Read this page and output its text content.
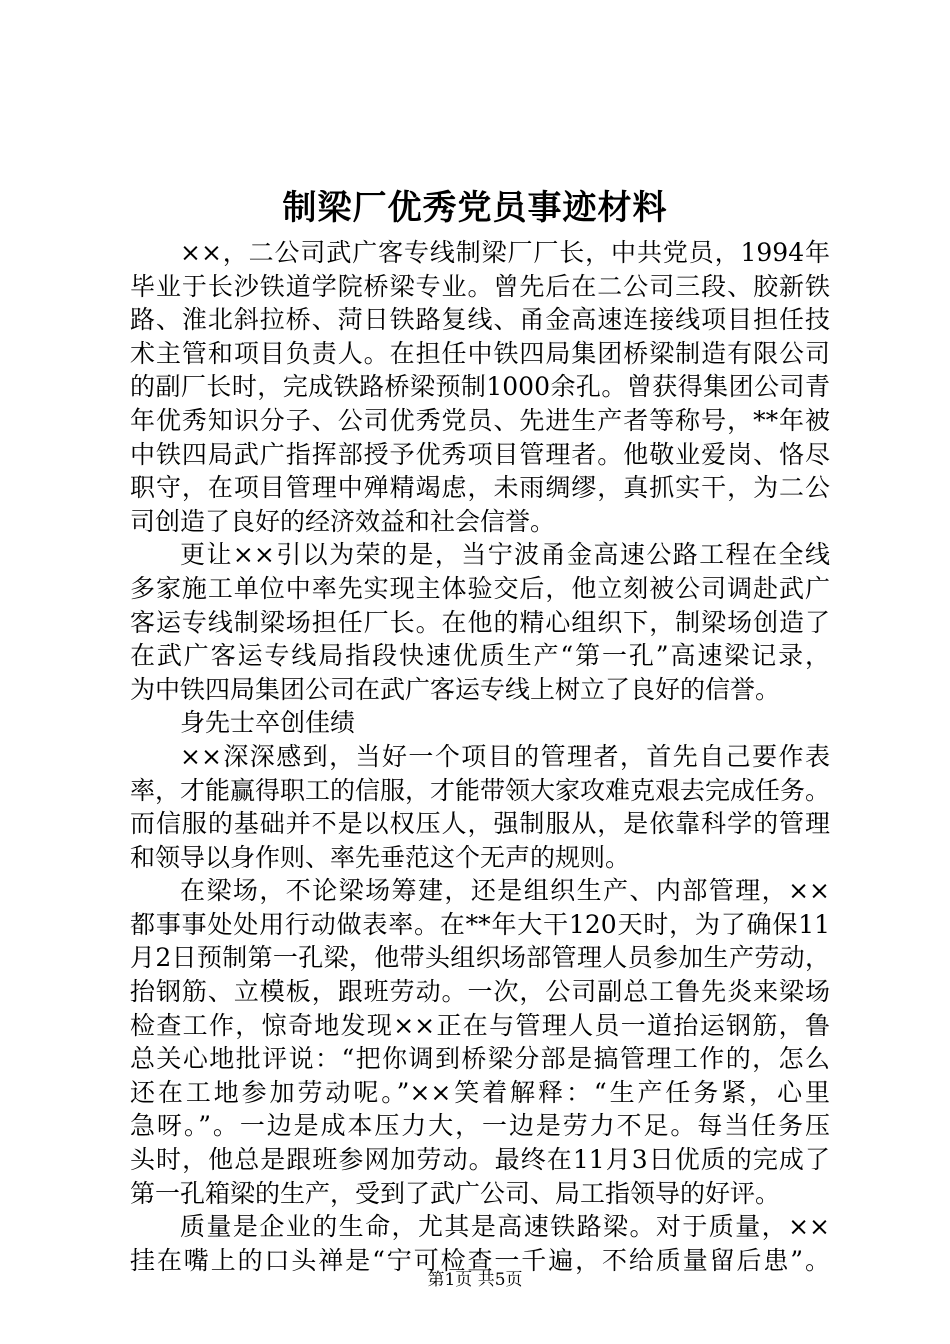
制梁厂优秀党员事迹材料
××，二公司武广客专线制梁厂厂长，中共党员，1994年
毕业于长沙铁道学院桥梁专业。曾先后在二公司三段、胶新铁
路、淮北斜拉桥、菏日铁路复线、甬金高速连接线项目担任技
术主管和项目负责人。在担任中铁四局集团桥梁制造有限公司
的副厂长时，完成铁路桥梁预制1000余孔。曾获得集团公司青
年优秀知识分子、公司优秀党员、先进生产者等称号，**年被
中铁四局武广指挥部授予优秀项目管理者。他敬业爱岗、恪尽
职守，在项目管理中殚精竭虑，未雨绸缪，真抓实干，为二公
司创造了良好的经济效益和社会信誉。
更让××引以为荣的是，当宁波甬金高速公路工程在全线
多家施工单位中率先实现主体验交后，他立刻被公司调赴武广
客运专线制梁场担任厂长。在他的精心组织下，制梁场创造了
在武广客运专线局指段快速优质生产“第一孔”高速梁记录，
为中铁四局集团公司在武广客运专线上树立了良好的信誉。
身先士卒创佳绩
××深深感到，当好一个项目的管理者，首先自己要作表
率，才能赢得职工的信服，才能带领大家攻难克艰去完成任务。
而信服的基础并不是以权压人，强制服从，是依靠科学的管理
和领导以身作则、率先垂范这个无声的规则。
在梁场，不论梁场筹建，还是组织生产、内部管理，××
都事事处处用行动做表率。在**年大干120天时，为了确保11
月2日预制第一孔梁，他带头组织场部管理人员参加生产劳动，
抬钢筋、立模板，跟班劳动。一次，公司副总工鲁先炎来梁场
检查工作，惊奇地发现××正在与管理人员一道抬运钢筋，鲁
总关心地批评说：“把你调到桥梁分部是搞管理工作的，怎么
还在工地参加劳动呢。”××笑着解释：“生产任务紧，心里
急呀。”。一边是成本压力大，一边是劳力不足。每当任务压
头时，他总是跟班参网加劳动。最终在11月3日优质的完成了
第一孔箱梁的生产，受到了武广公司、局工指领导的好评。
质量是企业的生命，尤其是高速铁路梁。对于质量，××
挂在嘴上的口头禅是“宁可检查一千遍，不给质量留后患”。
第1页 共5页
